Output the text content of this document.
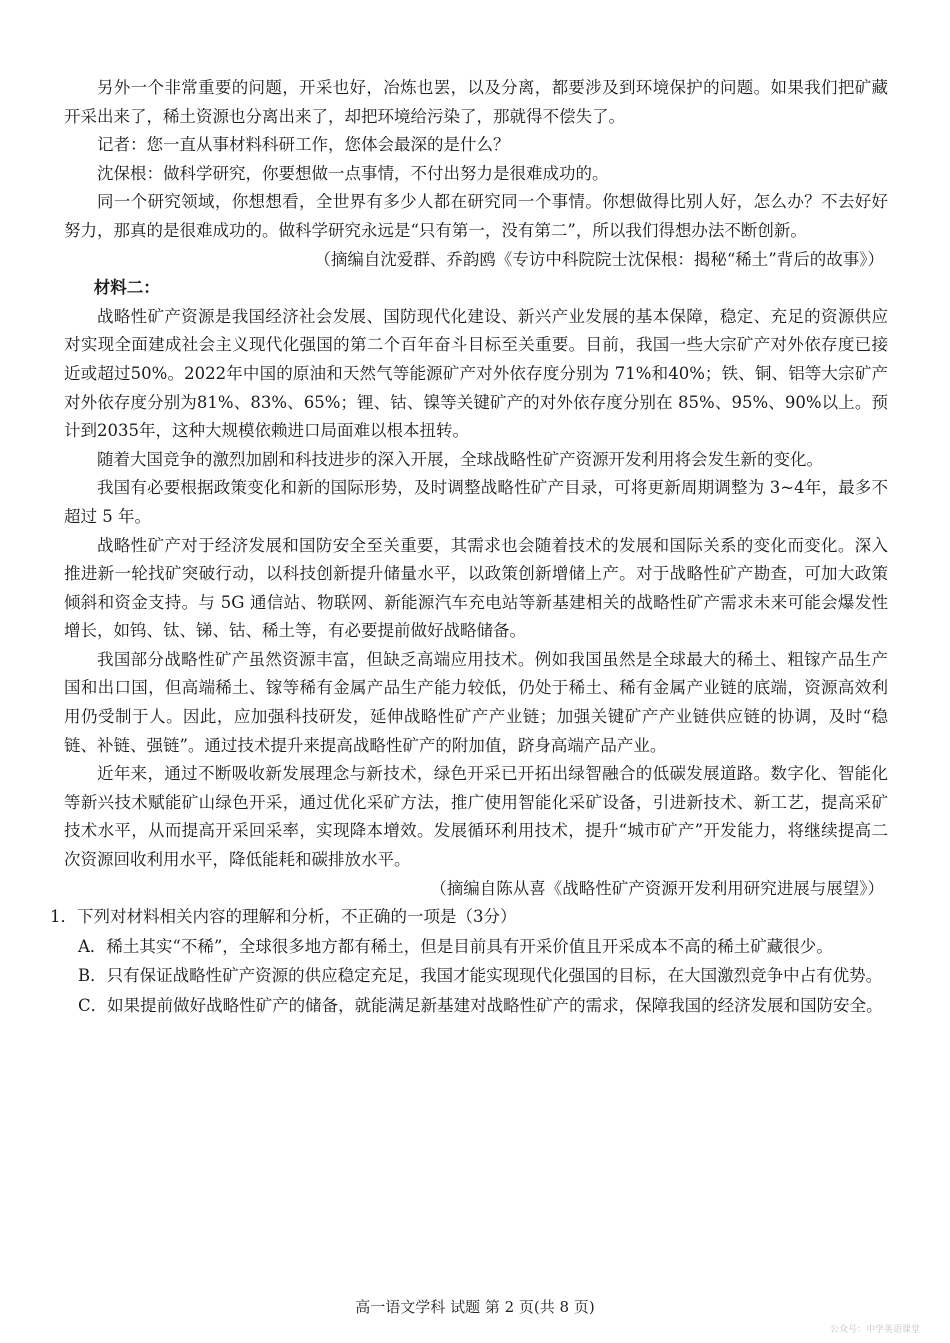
另外一个非常重要的问题，开采也好，冶炼也罢，以及分离，都要涉及到环境保护的问题。如果我们把矿藏开采出来了，稀土资源也分离出来了，却把环境给污染了，那就得不偿失了。

记者：您一直从事材料科研工作，您体会最深的是什么？

沈保根：做科学研究，你要想做一点事情，不付出努力是很难成功的。

同一个研究领域，你想想看，全世界有多少人都在研究同一个事情。你想做得比别人好，怎么办？不去好好努力，那真的是很难成功的。做科学研究永远是“只有第一，没有第二”，所以我们得想办法不断创新。

（摘编自沈爱群、乔韵鸥《专访中科院院士沈保根：揭秘“稀土”背后的故事》）

材料二：

战略性矿产资源是我国经济社会发展、国防现代化建设、新兴产业发展的基本保障，稳定、充足的资源供应对实现全面建成社会主义现代化强国的第二个百年奋斗目标至关重要。目前，我国一些大宗矿产对外依存度已接近或超过50%。2022年中国的原油和天然气等能源矿产对外依存度分别为 71%和40%；铁、铜、铝等大宗矿产对外依存度分别为81%、83%、65%；锂、钴、镍等关键矿产的对外依存度分别在 85%、95%、90%以上。预计到2035年，这种大规模依赖进口局面难以根本扭转。

随着大国竞争的激烈加剧和科技进步的深入开展，全球战略性矿产资源开发利用将会发生新的变化。

我国有必要根据政策变化和新的国际形势，及时调整战略性矿产目录，可将更新周期调整为 3~4年，最多不超过 5 年。

战略性矿产对于经济发展和国防安全至关重要，其需求也会随着技术的发展和国际关系的变化而变化。深入推进新一轮找矿突破行动，以科技创新提升储量水平，以政策创新增储上产。对于战略性矿产勘查，可加大政策倾斜和资金支持。与 5G 通信站、物联网、新能源汽车充电站等新基建相关的战略性矿产需求未来可能会爆发性增长，如钨、钛、锑、钴、稀土等，有必要提前做好战略储备。

我国部分战略性矿产虽然资源丰富，但缺乏高端应用技术。例如我国虽然是全球最大的稀土、粗镓产品生产国和出口国，但高端稀土、镓等稀有金属产品生产能力较低，仍处于稀土、稀有金属产业链的底端，资源高效利用仍受制于人。因此，应加强科技研发，延伸战略性矿产产业链；加强关键矿产产业链供应链的协调，及时“稳链、补链、强链”。通过技术提升来提高战略性矿产的附加值，跻身高端产品产业。

近年来，通过不断吸收新发展理念与新技术，绿色开采已开拓出绿智融合的低碳发展道路。数字化、智能化等新兴技术赋能矿山绿色开采，通过优化采矿方法，推广使用智能化采矿设备，引进新技术、新工艺，提高采矿技术水平，从而提高开采回采率，实现降本增效。发展循环利用技术，提升“城市矿产”开发能力，将继续提高二次资源回收利用水平，降低能耗和碳排放水平。

（摘编自陈从喜《战略性矿产资源开发利用研究进展与展望》）

1．下列对材料相关内容的理解和分析，不正确的一项是（3分）

A．稀土其实“不稀”，全球很多地方都有稀土，但是目前具有开采价值且开采成本不高的稀土矿藏很少。

B．只有保证战略性矿产资源的供应稳定充足，我国才能实现现代化强国的目标，在大国激烈竞争中占有优势。

C．如果提前做好战略性矿产的储备，就能满足新基建对战略性矿产的需求，保障我国的经济发展和国防安全。

高一语文学科 试题 第 2 页(共 8 页)
公众号：中学英语课堂
